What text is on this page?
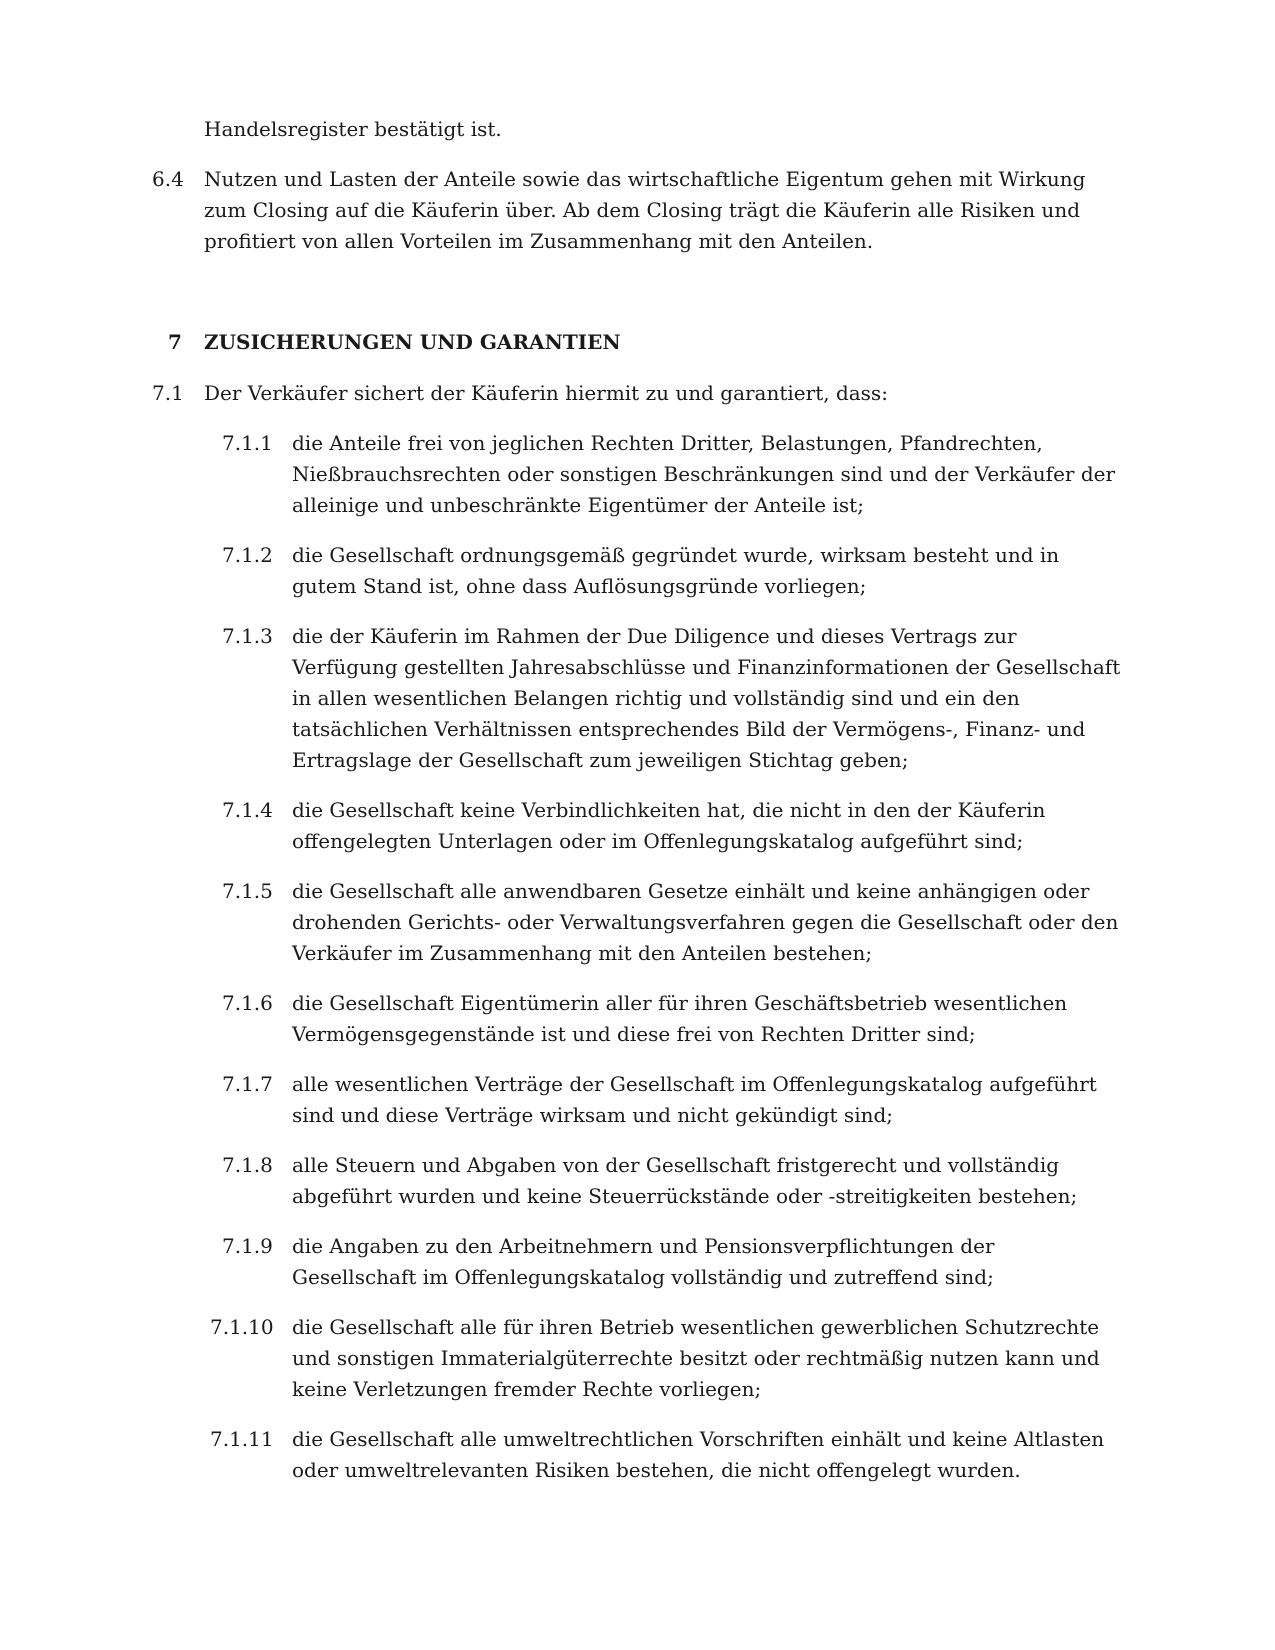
Handelsregister bestätigt ist.

6.4 Nutzen und Lasten der Anteile sowie das wirtschaftliche Eigentum gehen mit Wirkung zum Closing auf die Käuferin über. Ab dem Closing trägt die Käuferin alle Risiken und profitiert von allen Vorteilen im Zusammenhang mit den Anteilen.

7 ZUSICHERUNGEN UND GARANTIEN

7.1 Der Verkäufer sichert der Käuferin hiermit zu und garantiert, dass:

7.1.1 die Anteile frei von jeglichen Rechten Dritter, Belastungen, Pfandrechten, Nießbrauchsrechten oder sonstigen Beschränkungen sind und der Verkäufer der alleinige und unbeschränkte Eigentümer der Anteile ist;

7.1.2 die Gesellschaft ordnungsgemäß gegründet wurde, wirksam besteht und in gutem Stand ist, ohne dass Auflösungsgründe vorliegen;

7.1.3 die der Käuferin im Rahmen der Due Diligence und dieses Vertrags zur Verfügung gestellten Jahresabschlüsse und Finanzinformationen der Gesellschaft in allen wesentlichen Belangen richtig und vollständig sind und ein den tatsächlichen Verhältnissen entsprechendes Bild der Vermögens-, Finanz- und Ertragslage der Gesellschaft zum jeweiligen Stichtag geben;

7.1.4 die Gesellschaft keine Verbindlichkeiten hat, die nicht in den der Käuferin offengelegten Unterlagen oder im Offenlegungskatalog aufgeführt sind;

7.1.5 die Gesellschaft alle anwendbaren Gesetze einhält und keine anhängigen oder drohenden Gerichts- oder Verwaltungsverfahren gegen die Gesellschaft oder den Verkäufer im Zusammenhang mit den Anteilen bestehen;

7.1.6 die Gesellschaft Eigentümerin aller für ihren Geschäftsbetrieb wesentlichen Vermögensgegenstände ist und diese frei von Rechten Dritter sind;

7.1.7 alle wesentlichen Verträge der Gesellschaft im Offenlegungskatalog aufgeführt sind und diese Verträge wirksam und nicht gekündigt sind;

7.1.8 alle Steuern und Abgaben von der Gesellschaft fristgerecht und vollständig abgeführt wurden und keine Steuerrückstände oder -streitigkeiten bestehen;

7.1.9 die Angaben zu den Arbeitnehmern und Pensionsverpflichtungen der Gesellschaft im Offenlegungskatalog vollständig und zutreffend sind;

7.1.10 die Gesellschaft alle für ihren Betrieb wesentlichen gewerblichen Schutzrechte und sonstigen Immaterialgüterrechte besitzt oder rechtmäßig nutzen kann und keine Verletzungen fremder Rechte vorliegen;

7.1.11 die Gesellschaft alle umweltrechtlichen Vorschriften einhält und keine Altlasten oder umweltrelevanten Risiken bestehen, die nicht offengelegt wurden.
